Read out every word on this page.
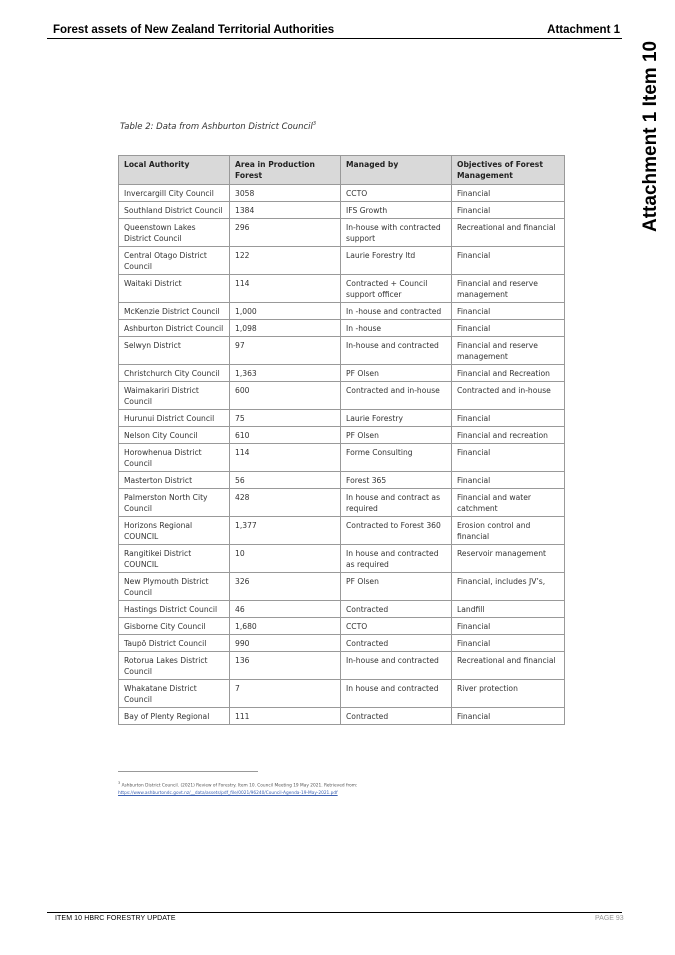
Forest assets of New Zealand Territorial Authorities	Attachment 1
Attachment 1 Item 10
Table 2: Data from Ashburton District Council$^3$
Local Authority	Area in Production Forest	Managed by	Objectives of Forest Management
Invercargill City Council	3058	CCTO	Financial
Southland District Council	1384	IFS Growth	Financial
Queenstown Lakes District Council	296	In-house with contracted support	Recreational and financial
Central Otago District Council	122	Laurie Forestry ltd	Financial
Waitaki District	114	Contracted + Council support officer	Financial and reserve management
McKenzie District Council	1,000	In -house and contracted	Financial
Ashburton District Council	1,098	In -house	Financial
Selwyn District	97	In-house and contracted	Financial and reserve management
Christchurch City Council	1,363	PF Olsen	Financial and Recreation
Waimakariri District Council	600	Contracted and in-house	Contracted and in-house
Hurunui District Council	75	Laurie Forestry	Financial
Nelson City Council	610	PF Olsen	Financial and recreation
Horowhenua District Council	114	Forme Consulting	Financial
Masterton District	56	Forest 365	Financial
Palmerston North City Council	428	In house and contract as required	Financial and water catchment
Horizons Regional COUNCIL	1,377	Contracted to Forest 360	Erosion control and financial
Rangitikei District COUNCIL	10	In house and contracted as required	Reservoir management
New Plymouth District Council	326	PF Olsen	Financial, includes JV’s,
Hastings District Council	46	Contracted	Landfill
Gisborne City Council	1,680	CCTO	Financial
Taupō District Council	990	Contracted	Financial
Rotorua Lakes District Council	136	In-house and contracted	Recreational and financial
Whakatane District Council	7	In house and contracted	River protection
Bay of Plenty Regional	111	Contracted	Financial
$^3$ Ashburton District Council. (2021) Review of Forestry. Item 10. Council Meeting 19 May 2021. Retrieved from:
https://www.ashburtondc.govt.nz/__data/assets/pdf_file/0021/96240/Council-Agenda-19-May-2021.pdf
ITEM 10 HBRC FORESTRY UPDATE	PAGE 93
